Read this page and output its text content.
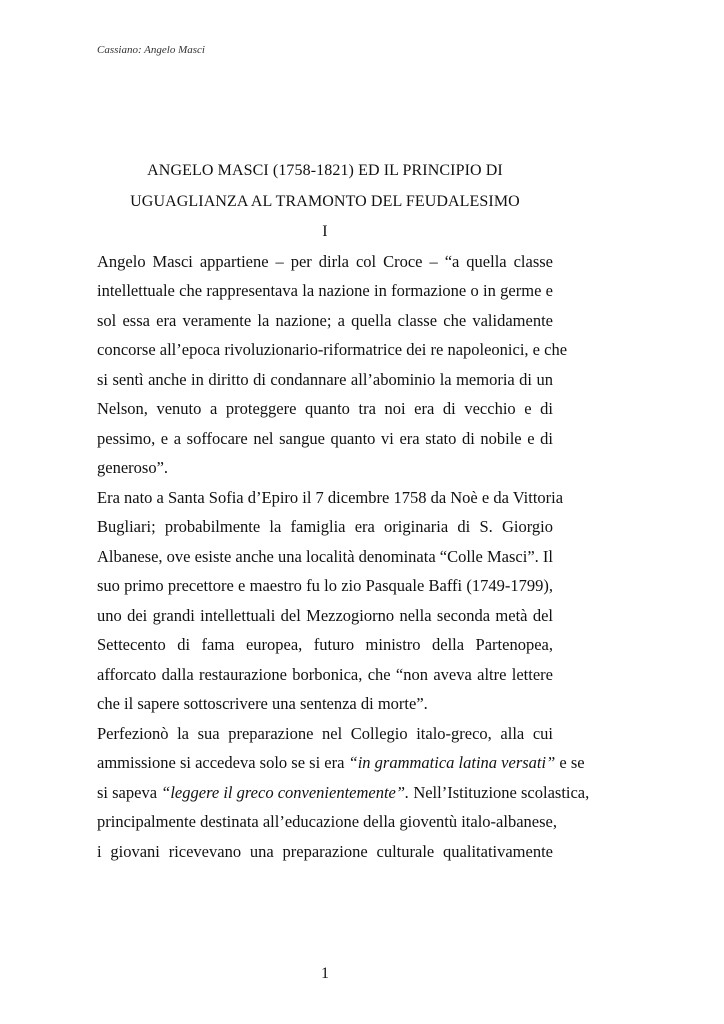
Cassiano: Angelo Masci
ANGELO MASCI (1758-1821) ED IL PRINCIPIO DI
UGUAGLIANZA AL TRAMONTO DEL FEUDALESIMO
I
Angelo Masci appartiene – per dirla col Croce – “a quella classe
intellettuale che rappresentava la nazione in formazione o in germe e
sol essa era veramente la nazione; a quella classe che validamente
concorse all’epoca rivoluzionario-riformatrice dei re napoleonici, e che
si sentì anche in diritto di condannare all’abominio la memoria di un
Nelson, venuto a proteggere quanto tra noi era di vecchio e di
pessimo, e a soffocare nel sangue quanto vi era stato di nobile e di
generoso”.
Era nato a Santa Sofia d’Epiro il 7 dicembre 1758 da Noè e da Vittoria
Bugliari; probabilmente la famiglia era originaria di S. Giorgio
Albanese, ove esiste anche una località denominata “Colle Masci”. Il
suo primo precettore e maestro fu lo zio Pasquale Baffi (1749-1799),
uno dei grandi intellettuali del Mezzogiorno nella seconda metà del
Settecento di fama europea, futuro ministro della Partenopea,
afforcato dalla restaurazione borbonica, che “non aveva altre lettere
che il sapere sottoscrivere una sentenza di morte”.
Perfezionò la sua preparazione nel Collegio italo-greco, alla cui
ammissione si accedeva solo se si era “in grammatica latina versati” e se
si sapeva “leggere il greco convenientemente”. Nell’Istituzione scolastica,
principalmente destinata all’educazione della gioventù italo-albanese,
i giovani ricevevano una preparazione culturale qualitativamente
1
